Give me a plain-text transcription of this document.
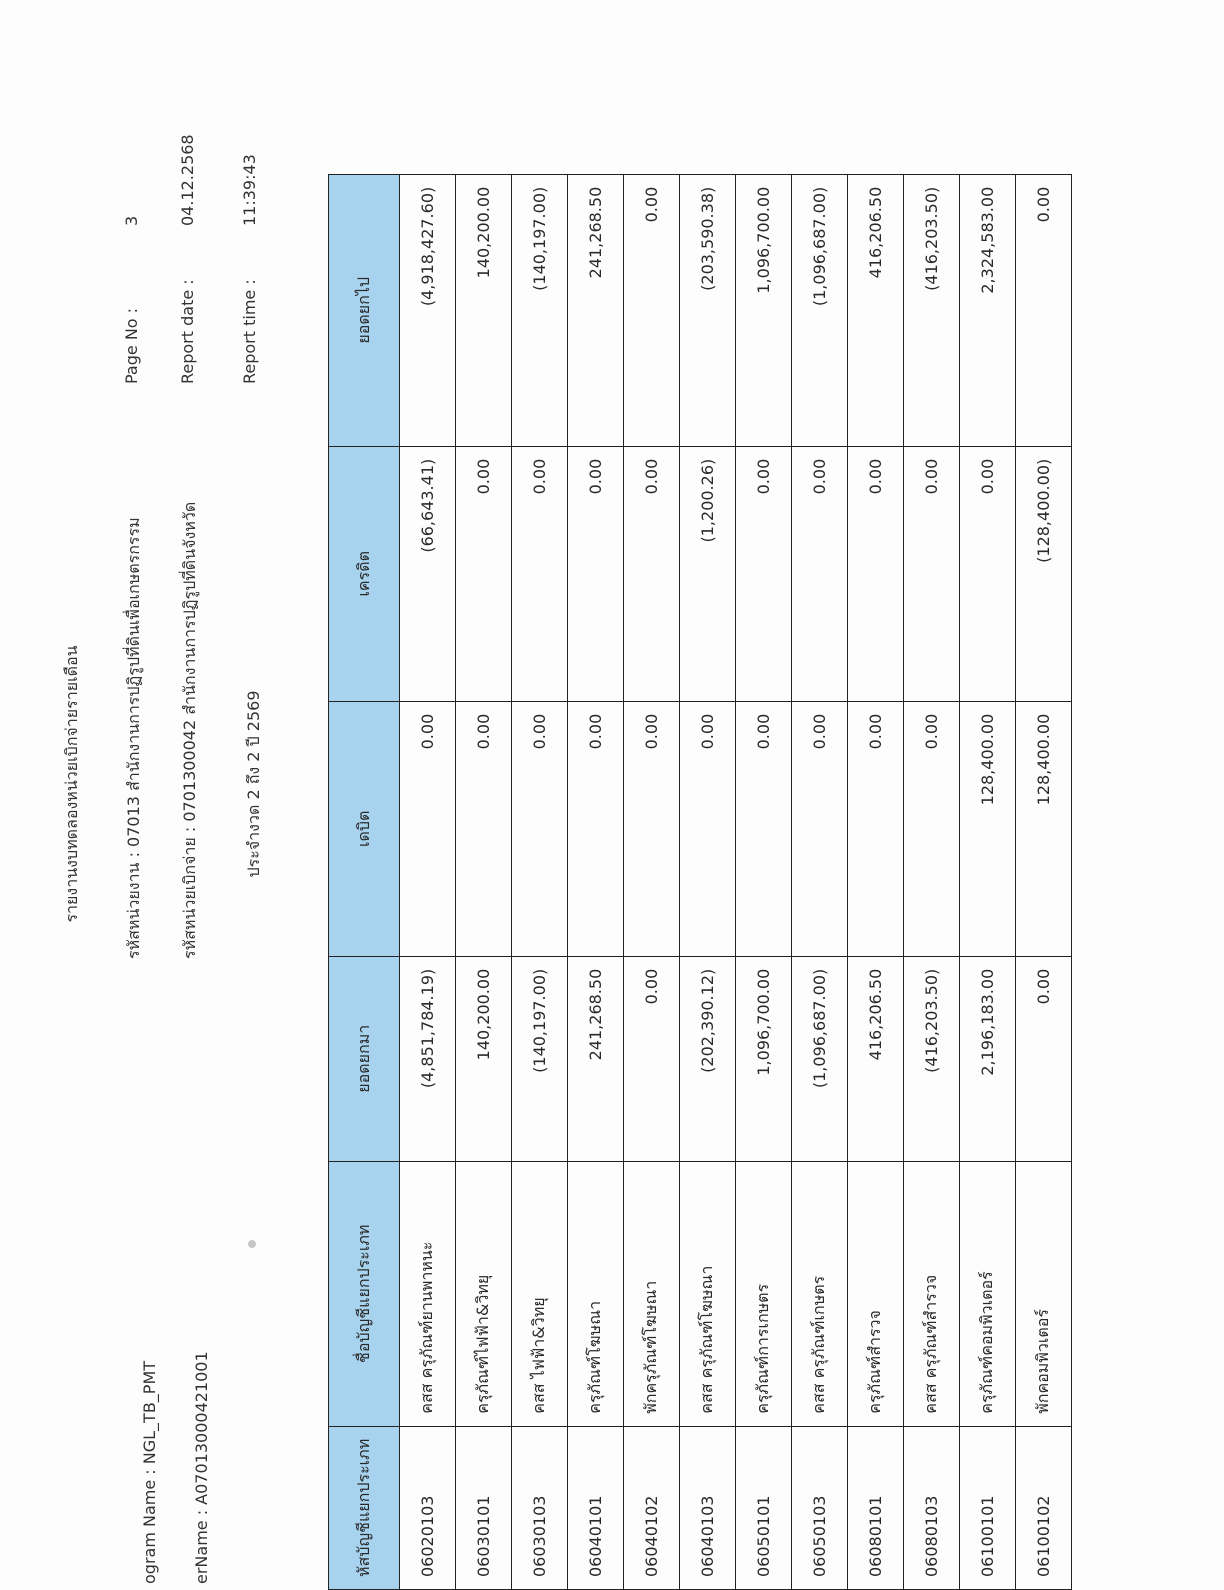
รายงานงบทดลองหน่วยเบิกจ่ายรายเดือน
ogram Name : NGL_TB_PMT
รหัสหน่วยงาน : 07013 สำนักงานการปฏิรูปที่ดินเพื่อเกษตรกรรม
erName : A07013000421001
รหัสหน่วยเบิกจ่าย : 0701300042 สำนักงานการปฏิรูปที่ดินจังหวัด	ประจำงวด 2 ถึง 2 ปี 2569
Page No :
3
Report date :
04.12.2568
Report time :
11:39:43
หัสบัญชีแยกประเภท	ชื่อบัญชีแยกประเภท	ยอดยกมา	เดบิต	เครดิต	ยอดยกไป
06020103	คสส ครุภัณฑ์ยานพาหนะ	(4,851,784.19)	0.00	(66,643.41)	(4,918,427.60)
06030101	ครุภัณฑ์ไฟฟ้า&วิทยุ	140,200.00	0.00	0.00	140,200.00
06030103	คสส ไฟฟ้า&วิทยุ	(140,197.00)	0.00	0.00	(140,197.00)
06040101	ครุภัณฑ์โฆษณา	241,268.50	0.00	0.00	241,268.50
06040102	พักครุภัณฑ์โฆษณา	0.00	0.00	0.00	0.00
06040103	คสส ครุภัณฑ์โฆษณา	(202,390.12)	0.00	(1,200.26)	(203,590.38)
06050101	ครุภัณฑ์การเกษตร	1,096,700.00	0.00	0.00	1,096,700.00
06050103	คสส ครุภัณฑ์เกษตร	(1,096,687.00)	0.00	0.00	(1,096,687.00)
06080101	ครุภัณฑ์สำรวจ	416,206.50	0.00	0.00	416,206.50
06080103	คสส ครุภัณฑ์สำรวจ	(416,203.50)	0.00	0.00	(416,203.50)
06100101	ครุภัณฑ์คอมพิวเตอร์	2,196,183.00	128,400.00	0.00	2,324,583.00
06100102	พักคอมพิวเตอร์	0.00	128,400.00	(128,400.00)	0.00
